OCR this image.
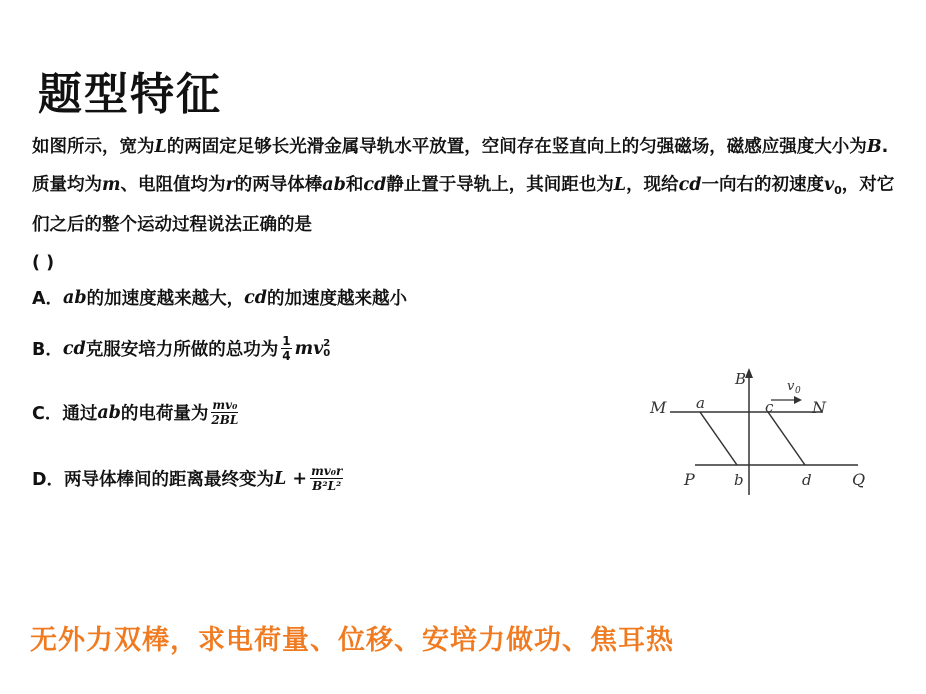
题型特征
如图所示，宽为L的两固定足够长光滑金属导轨水平放置，空间存在竖直向上的匀强磁场，磁感应强度大小为B.质量均为m、电阻值均为r的两导体棒ab和cd静止置于导轨上，其间距也为L，现给cd一向右的初速度$v_0$，对它们之后的整个运动过程说法正确的是
( )
A． ab 的加速度越来越大， cd 的加速度越来越小
B． cd 克服安培力所做的总功为 $\frac{1}{4}$ mv 2
0
C． 通过 ab 的电荷量为 $\frac{\text{mv₀}}{2BL}$
D． 两导体棒间的距离最终变为 $L + \frac{\text{mv₀r}}{\text{B²L²}}$
M	N
P	Q
a
b
c
d
B	v 0
无外力双棒，求电荷量、位移、安培力做功、焦耳热
